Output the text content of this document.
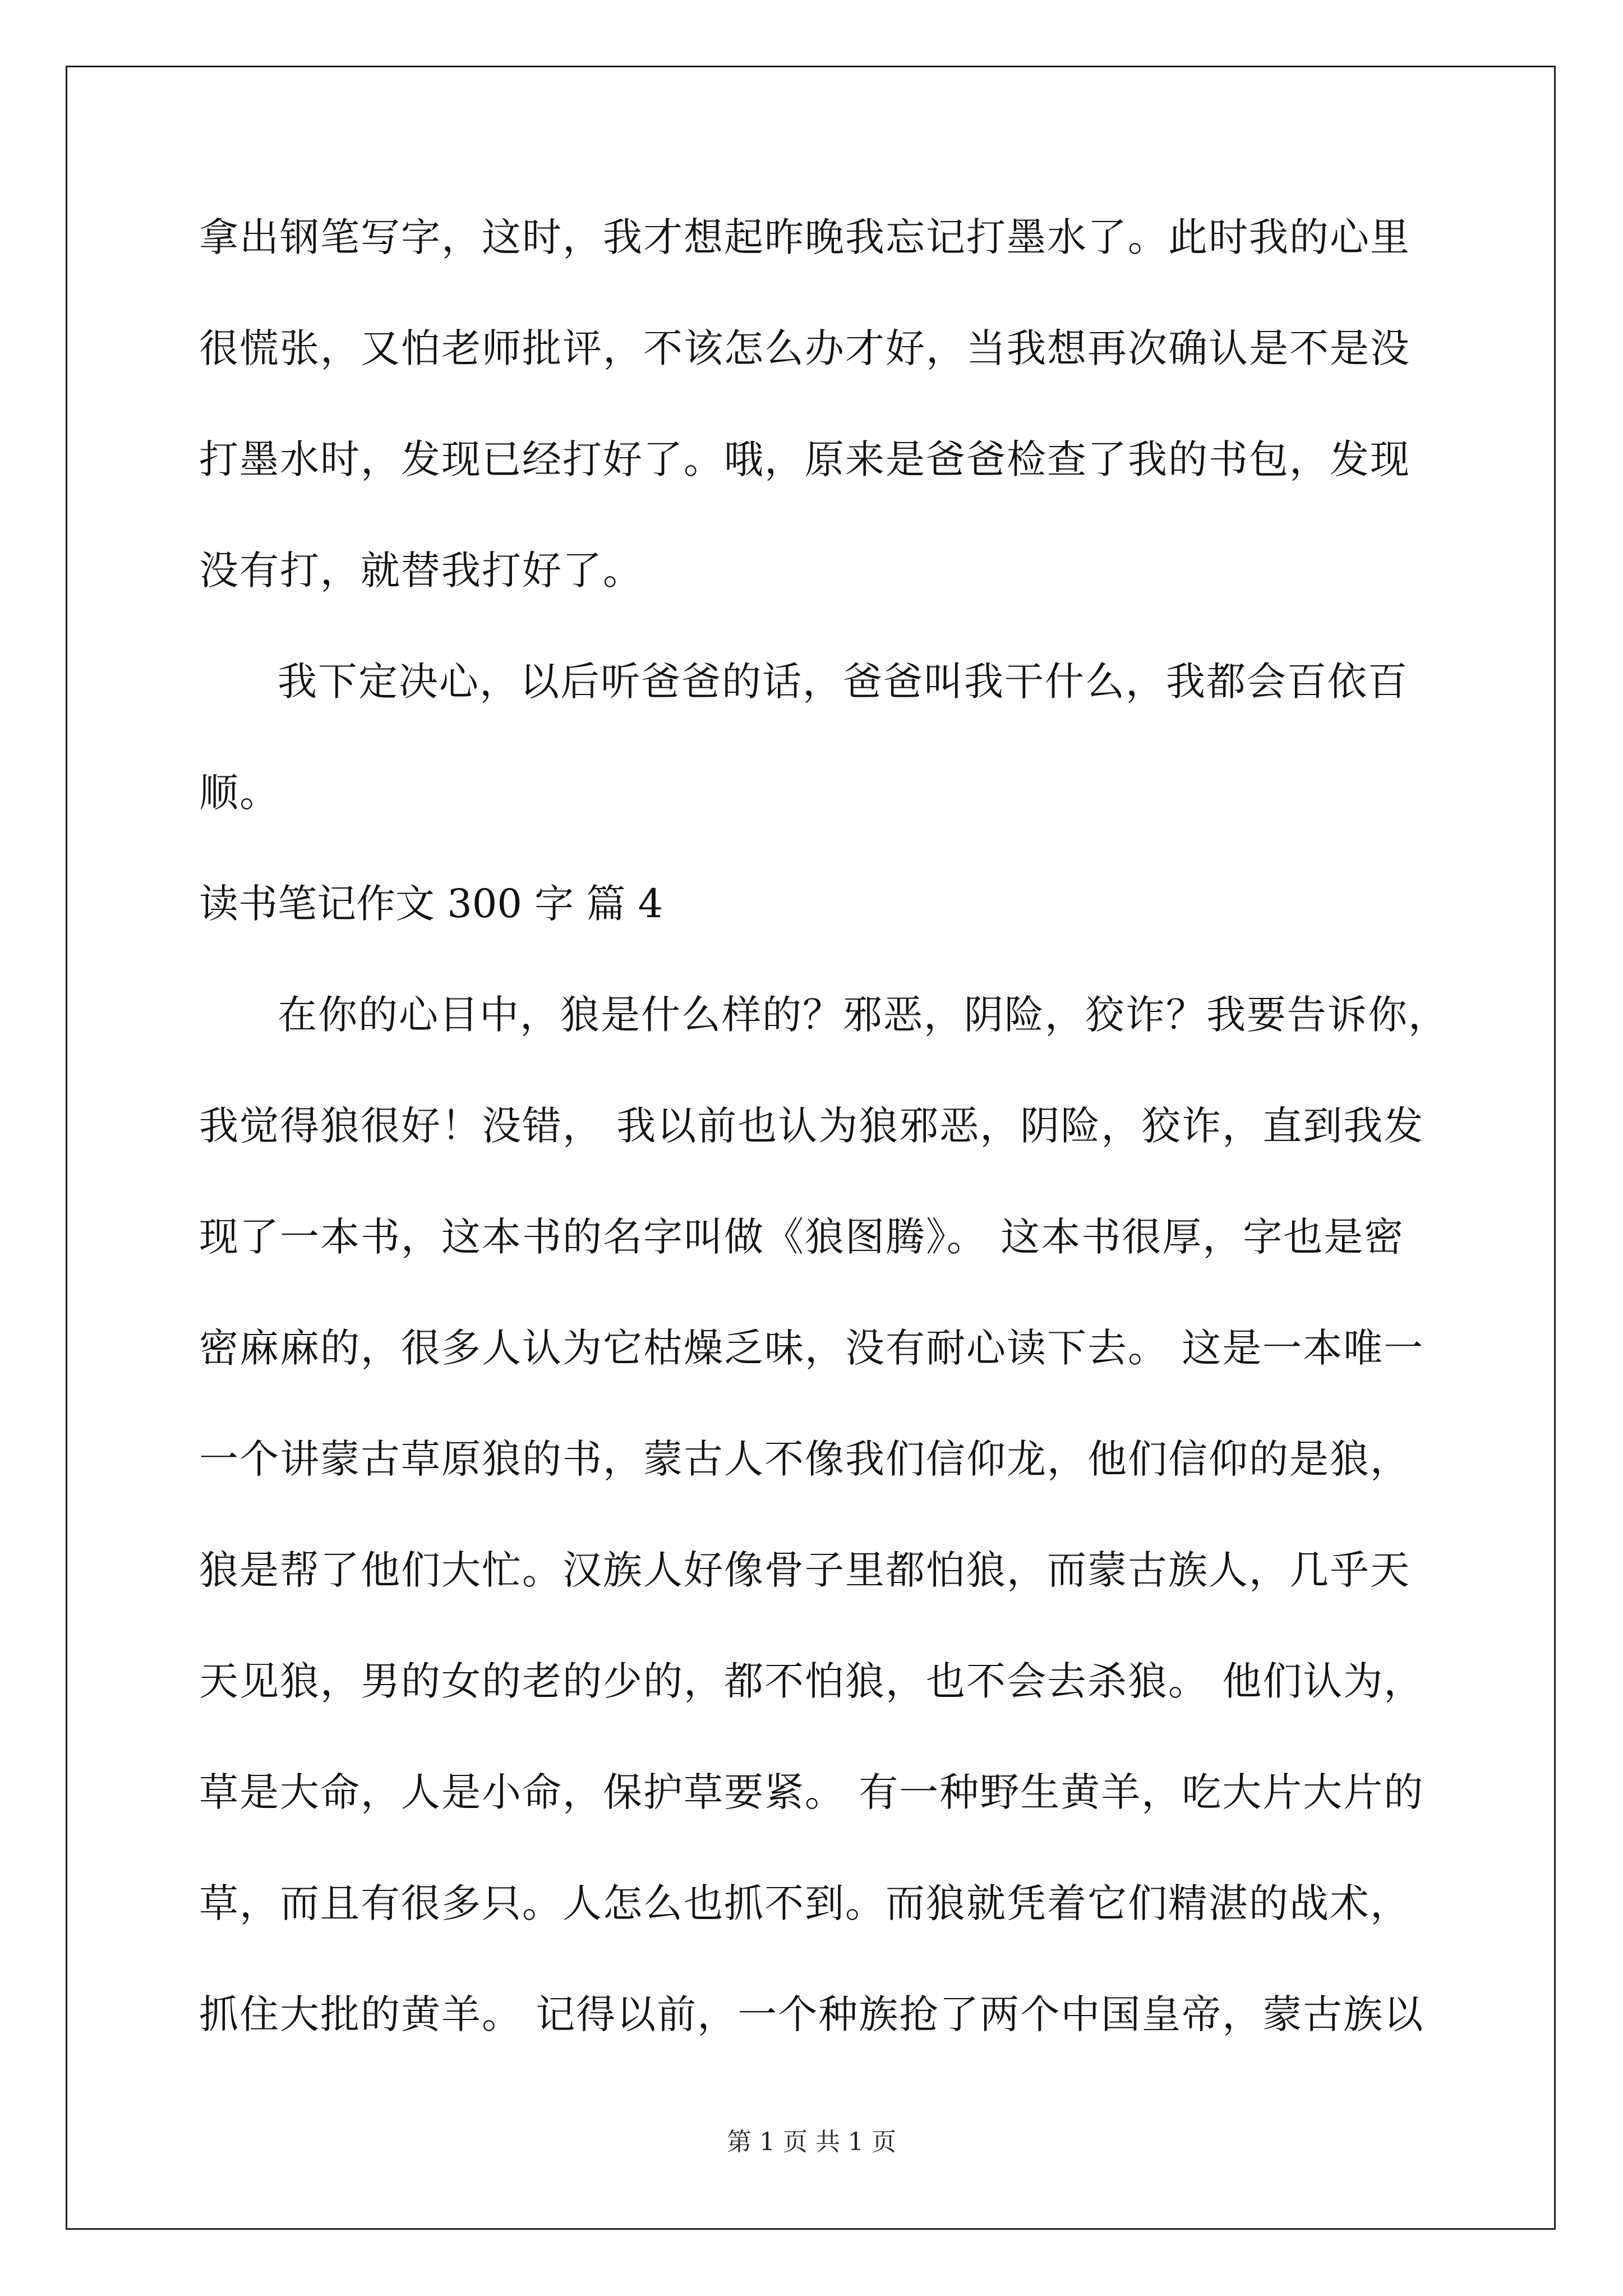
拿出钢笔写字，这时，我才想起昨晚我忘记打墨水了。此时我的心里
很慌张，又怕老师批评，不该怎么办才好，当我想再次确认是不是没
打墨水时，发现已经打好了。哦，原来是爸爸检查了我的书包，发现
没有打，就替我打好了。
我下定决心，以后听爸爸的话，爸爸叫我干什么，我都会百依百
顺。
读书笔记作文 300 字 篇 4
在你的心目中，狼是什么样的？邪恶，阴险，狡诈？我要告诉你，
我觉得狼很好！没错， 我以前也认为狼邪恶，阴险，狡诈，直到我发
现了一本书，这本书的名字叫做《狼图腾》。 这本书很厚，字也是密
密麻麻的，很多人认为它枯燥乏味，没有耐心读下去。 这是一本唯一
一个讲蒙古草原狼的书，蒙古人不像我们信仰龙，他们信仰的是狼，
狼是帮了他们大忙。汉族人好像骨子里都怕狼，而蒙古族人，几乎天
天见狼，男的女的老的少的，都不怕狼，也不会去杀狼。 他们认为，
草是大命，人是小命，保护草要紧。 有一种野生黄羊，吃大片大片的
草，而且有很多只。人怎么也抓不到。而狼就凭着它们精湛的战术，
抓住大批的黄羊。 记得以前，一个种族抢了两个中国皇帝，蒙古族以
第 1 页 共 1 页
